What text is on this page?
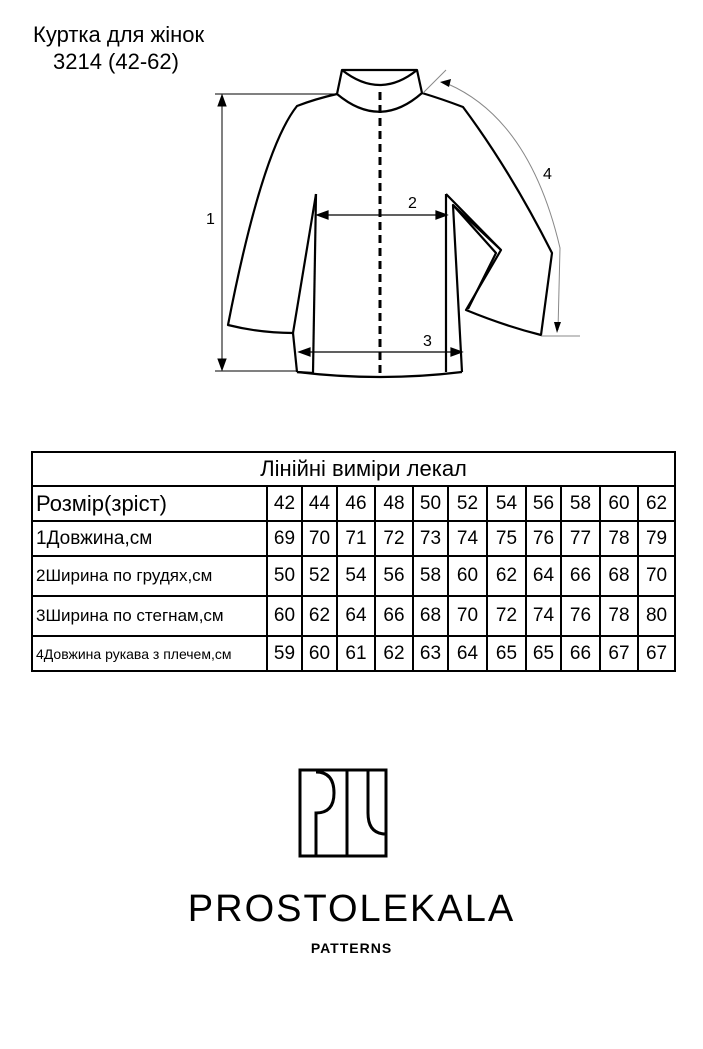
Куртка для жінок
3214 (42-62)
1
2
3
4
Лінійні виміри лекал											
Розмір(зріст)	42	44	46	48	50	52	54	56	58	60	62
1Довжина,см	69	70	71	72	73	74	75	76	77	78	79
2Ширина по грудях,см	50	52	54	56	58	60	62	64	66	68	70
3Ширина по стегнам,см	60	62	64	66	68	70	72	74	76	78	80
4Довжина рукава з плечем,см	59	60	61	62	63	64	65	65	66	67	67
PROSTOLEKALA
PATTERNS
